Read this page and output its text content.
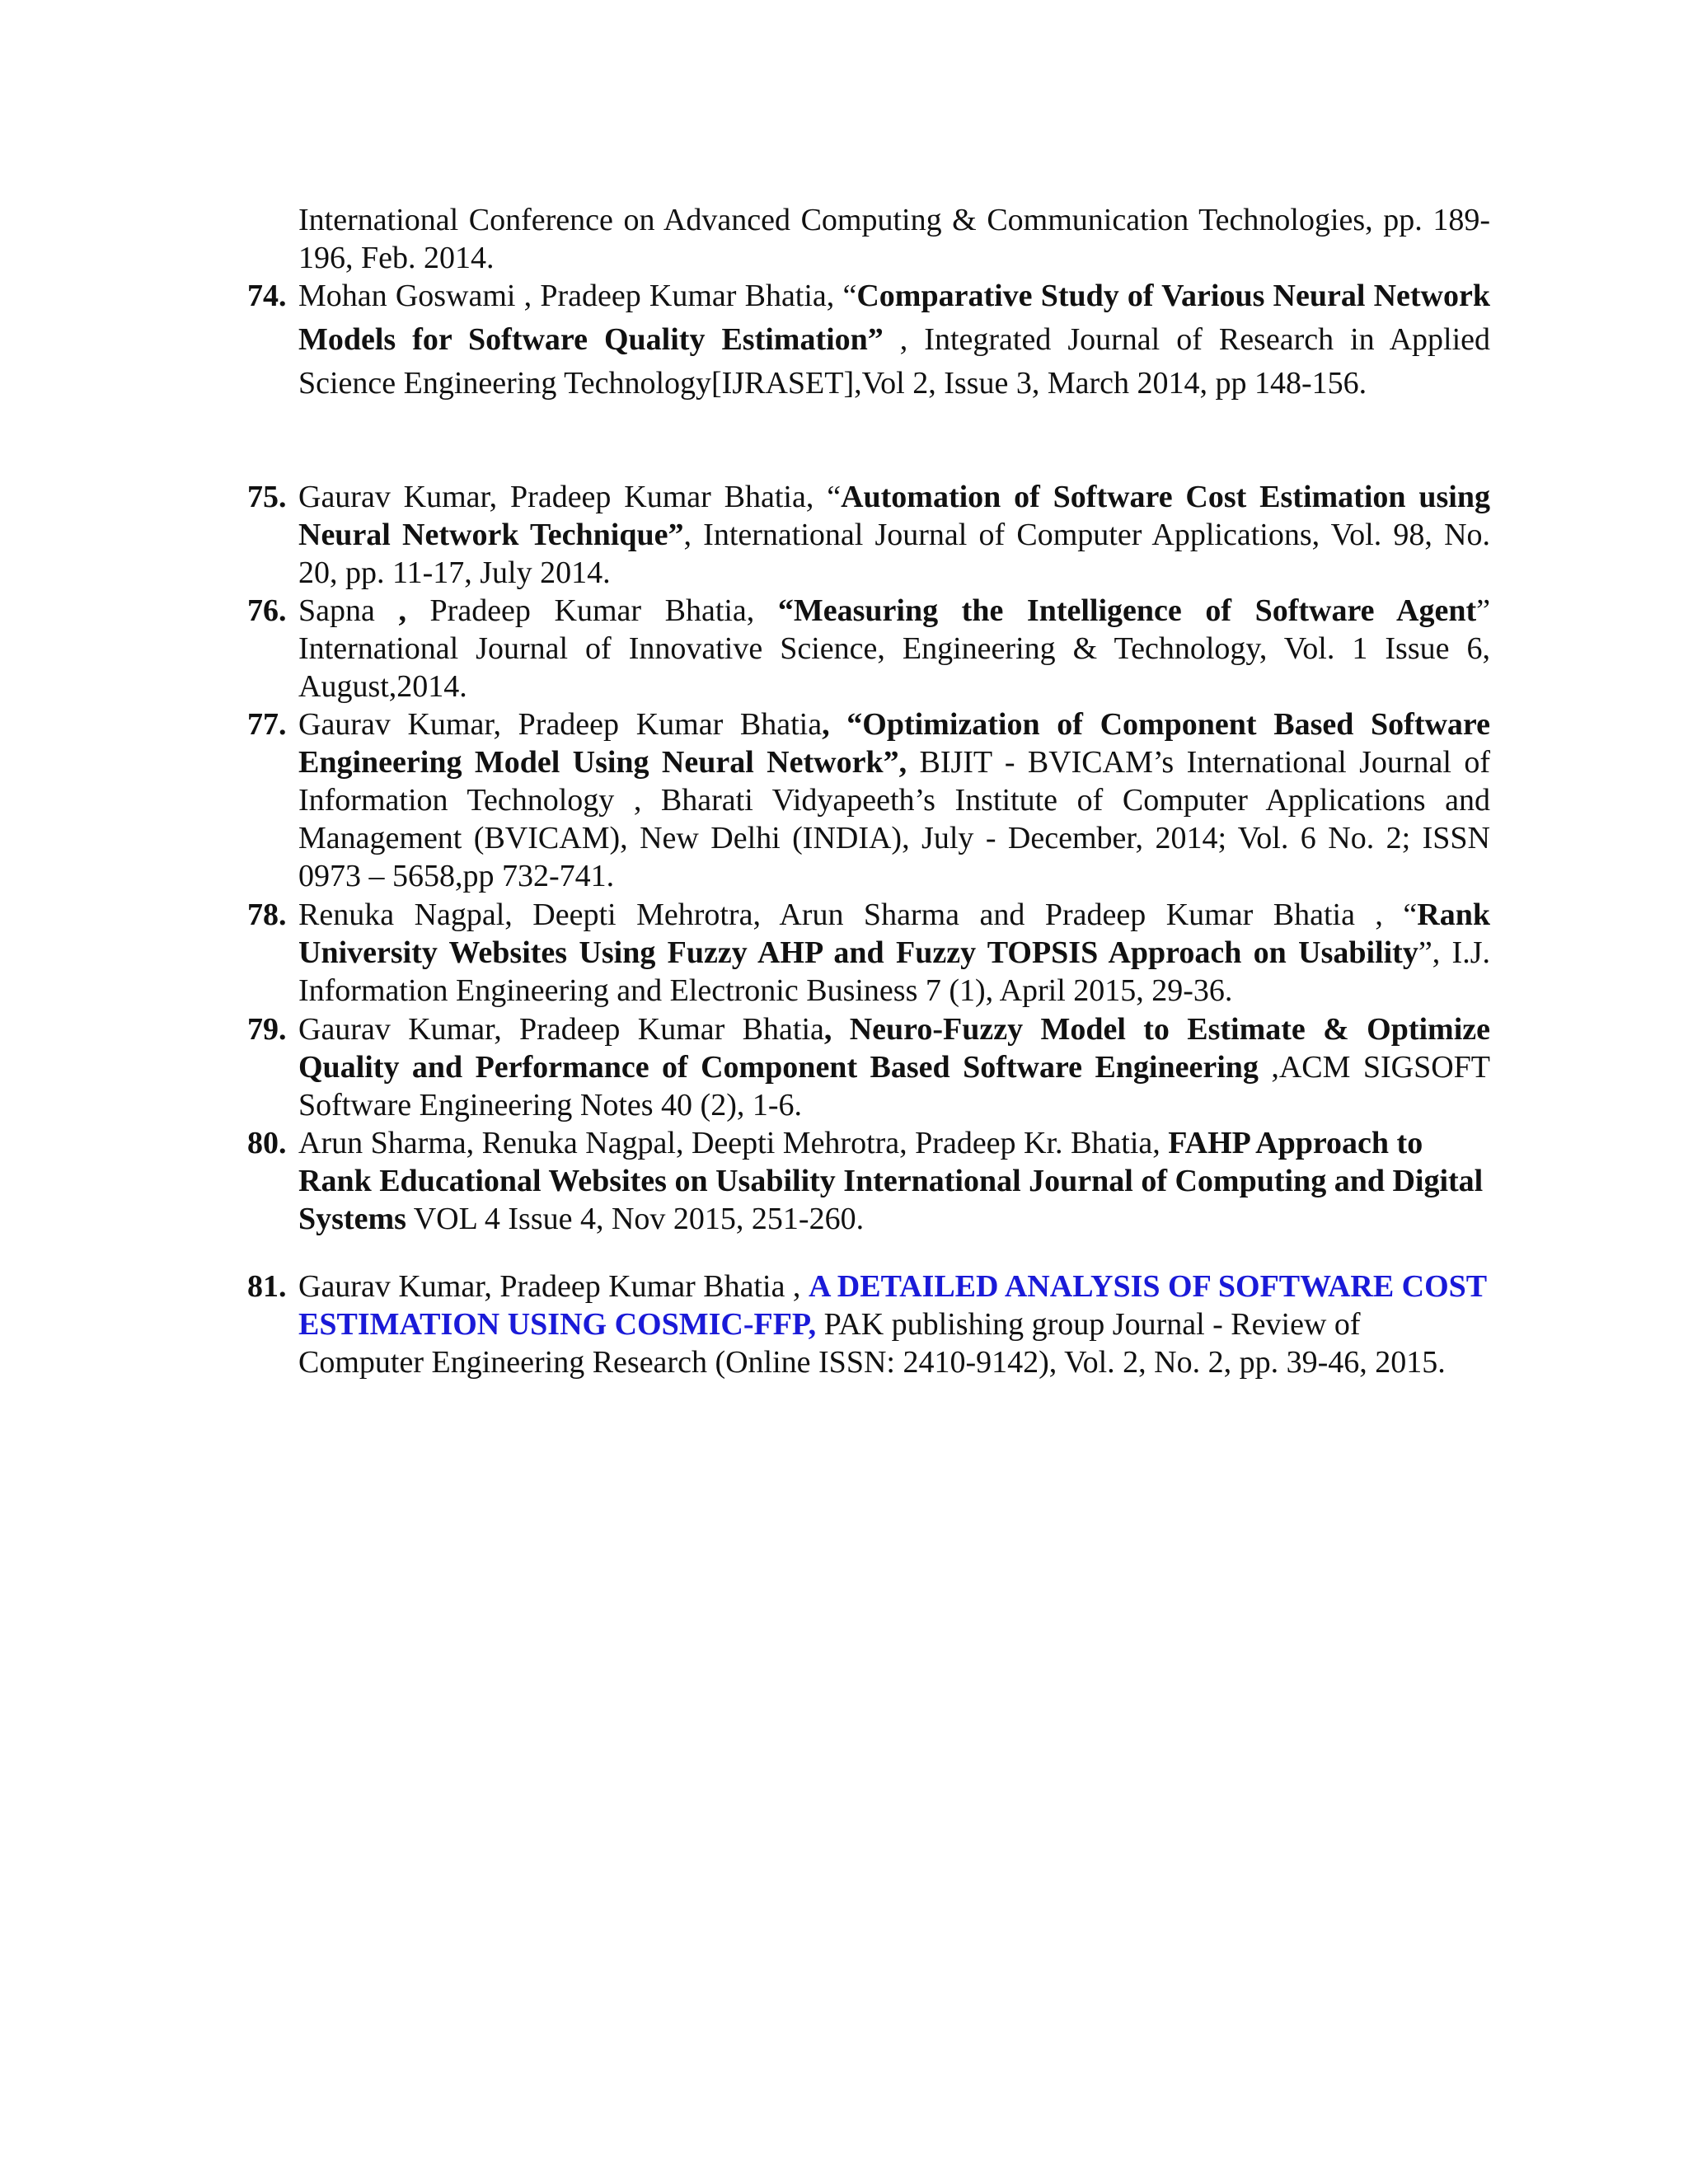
International Conference on Advanced Computing & Communication Technologies, pp. 189-196, Feb. 2014.
74. Mohan Goswami , Pradeep Kumar Bhatia, “Comparative Study of Various Neural Network Models for Software Quality Estimation” , Integrated Journal of Research in Applied Science Engineering Technology[IJRASET],Vol 2, Issue 3, March 2014, pp 148-156.
75. Gaurav Kumar, Pradeep Kumar Bhatia, “Automation of Software Cost Estimation using Neural Network Technique”, International Journal of Computer Applications, Vol. 98, No. 20, pp. 11-17, July 2014.
76. Sapna , Pradeep Kumar Bhatia, “Measuring the Intelligence of Software Agent” International Journal of Innovative Science, Engineering & Technology, Vol. 1 Issue 6, August,2014.
77. Gaurav Kumar, Pradeep Kumar Bhatia, “Optimization of Component Based Software Engineering Model Using Neural Network”, BIJIT - BVICAM’s International Journal of Information Technology , Bharati Vidyapeeth’s Institute of Computer Applications and Management (BVICAM), New Delhi (INDIA), July - December, 2014; Vol. 6 No. 2; ISSN 0973 – 5658,pp 732-741.
78. Renuka Nagpal, Deepti Mehrotra, Arun Sharma and Pradeep Kumar Bhatia , “Rank University Websites Using Fuzzy AHP and Fuzzy TOPSIS Approach on Usability”, I.J. Information Engineering and Electronic Business 7 (1), April 2015, 29-36.
79. Gaurav Kumar, Pradeep Kumar Bhatia, Neuro-Fuzzy Model to Estimate & Optimize Quality and Performance of Component Based Software Engineering ,ACM SIGSOFT Software Engineering Notes 40 (2), 1-6.
80. Arun Sharma, Renuka Nagpal, Deepti Mehrotra, Pradeep Kr. Bhatia, FAHP Approach to Rank Educational Websites on Usability International Journal of Computing and Digital Systems VOL 4 Issue 4, Nov 2015, 251-260.
81. Gaurav Kumar, Pradeep Kumar Bhatia , A DETAILED ANALYSIS OF SOFTWARE COST ESTIMATION USING COSMIC-FFP, PAK publishing group Journal - Review of Computer Engineering Research (Online ISSN: 2410-9142), Vol. 2, No. 2, pp. 39-46, 2015.
